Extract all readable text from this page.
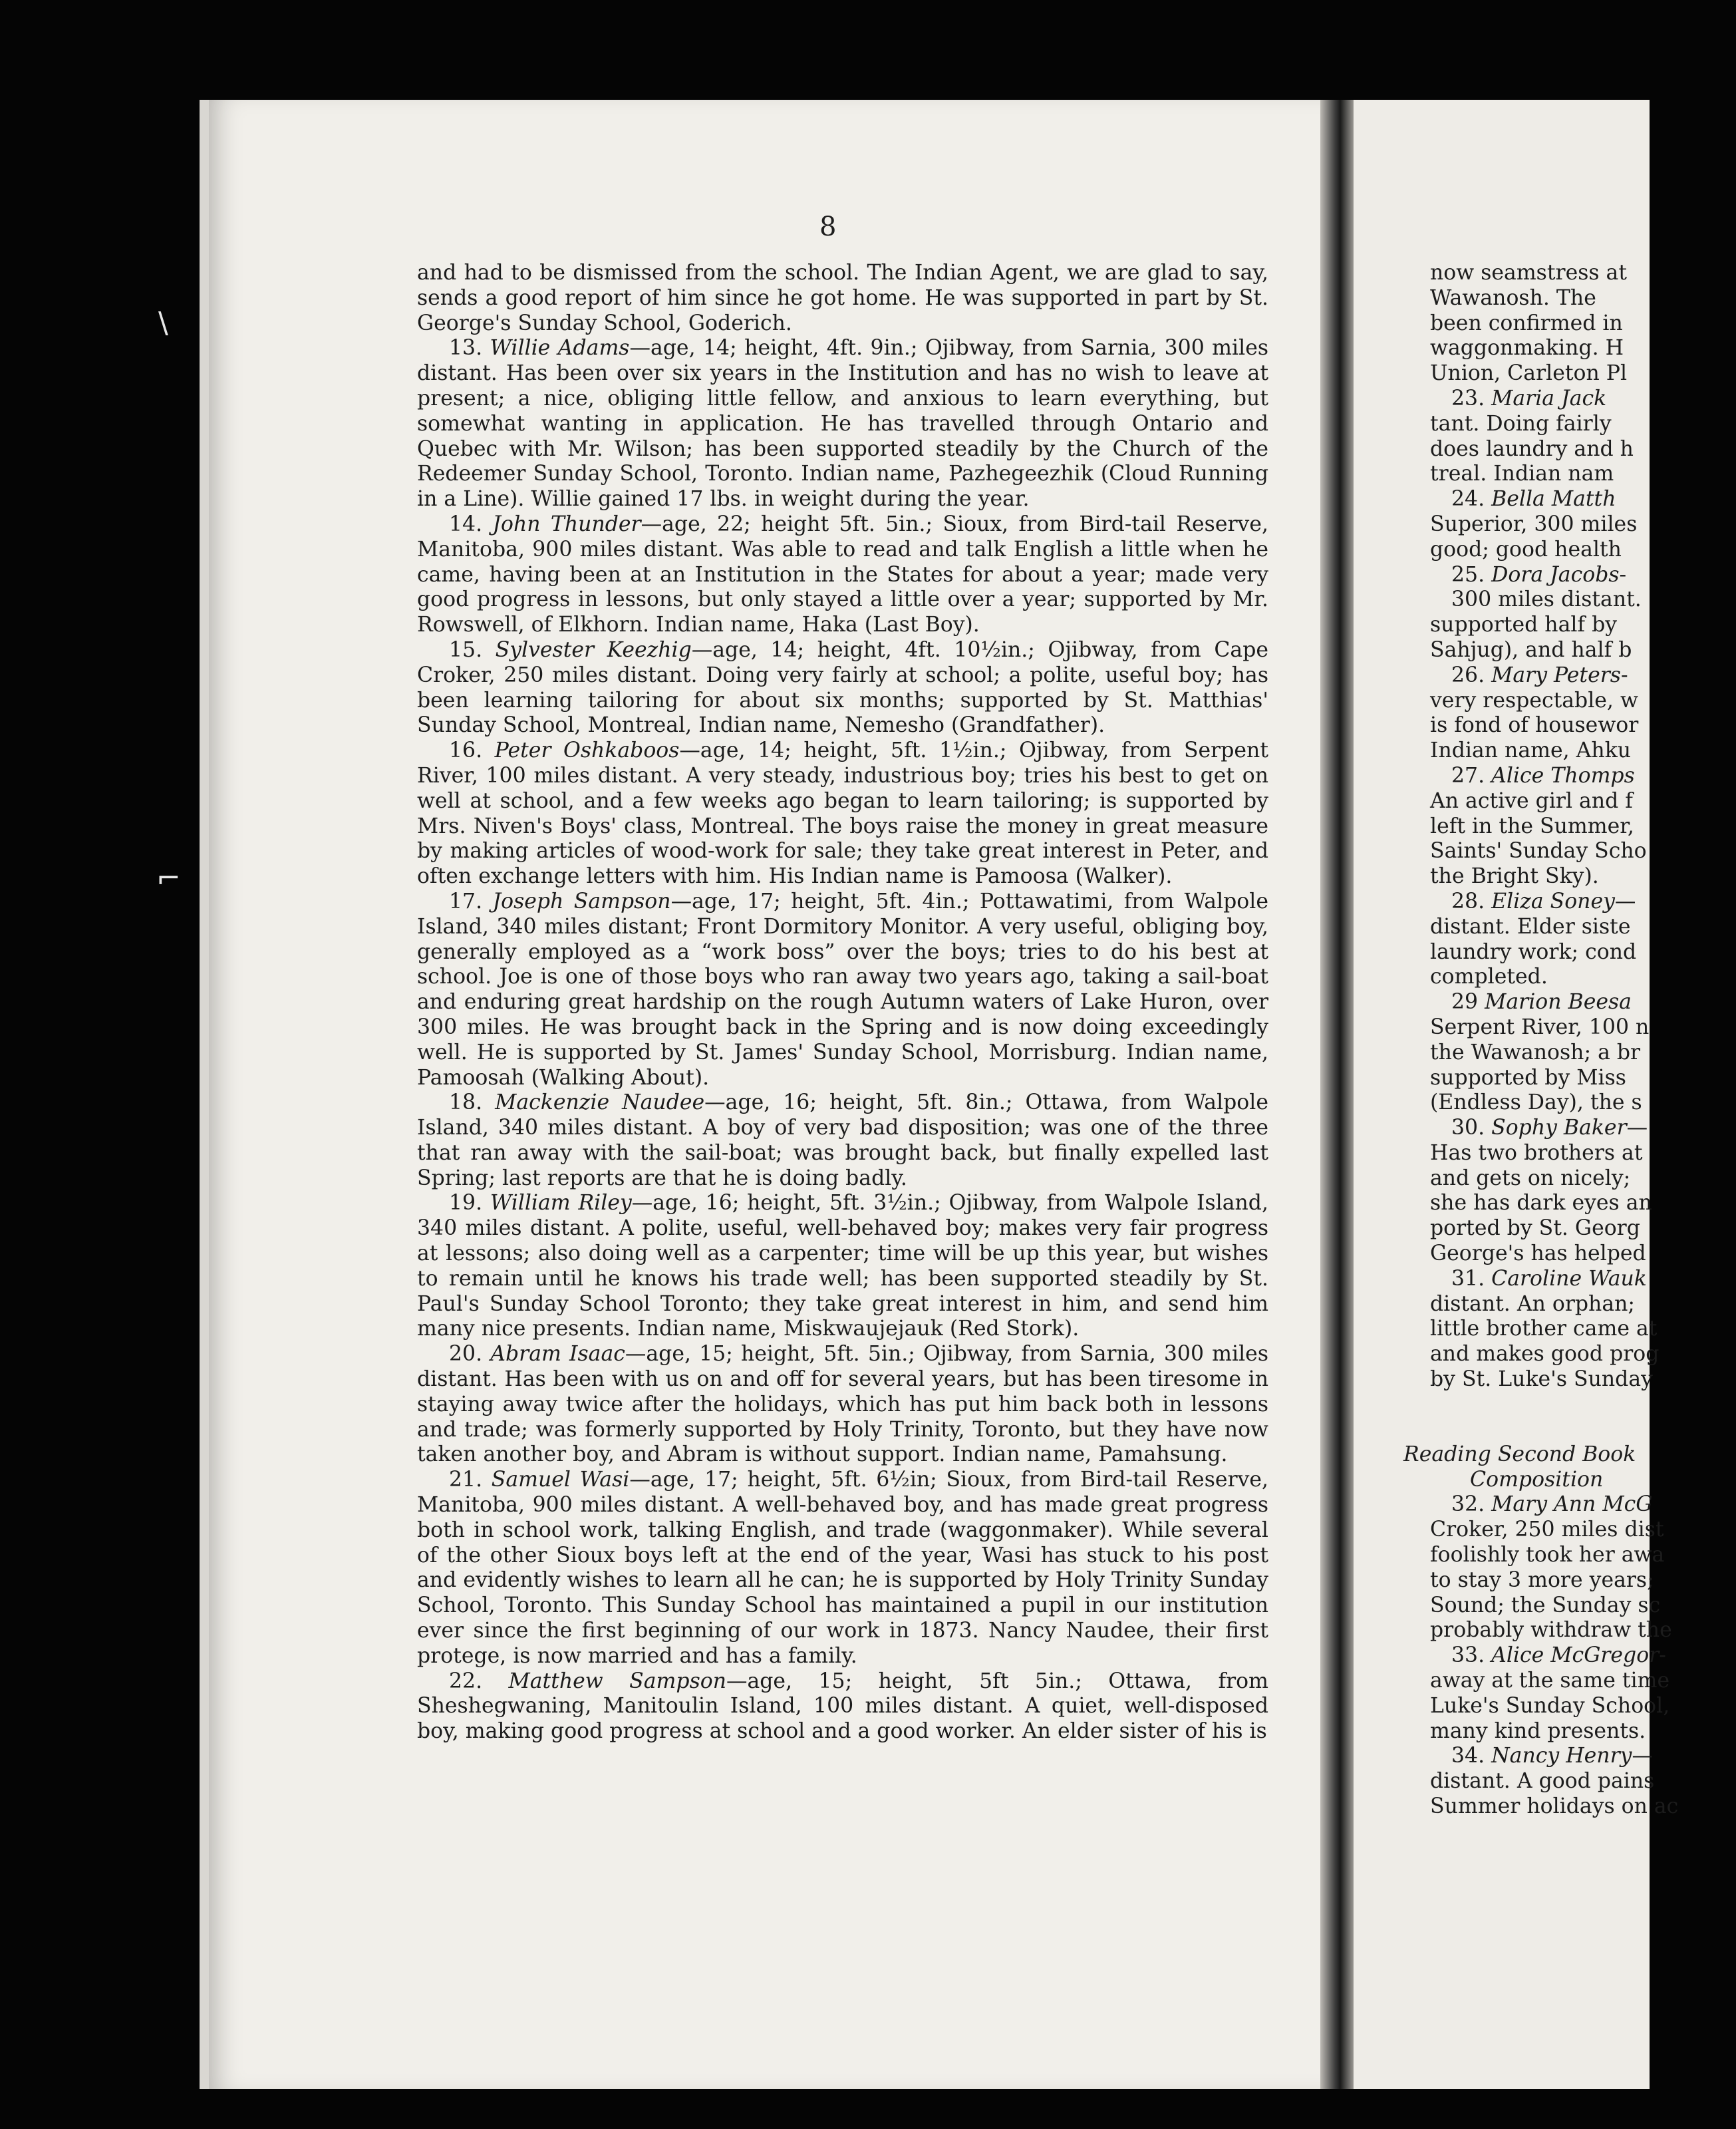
8

and had to be dismissed from the school. The Indian Agent, we are glad to say, sends a good report of him since he got home. He was supported in part by St. George's Sunday School, Goderich.

13. Willie Adams—age, 14; height, 4ft. 9in.; Ojibway, from Sarnia, 300 miles distant. Has been over six years in the Institution and has no wish to leave at present; a nice, obliging little fellow, and anxious to learn everything, but somewhat wanting in application. He has travelled through Ontario and Quebec with Mr. Wilson; has been supported steadily by the Church of the Redeemer Sunday School, Toronto. Indian name, Pazhegeezhik (Cloud Running in a Line). Willie gained 17 lbs. in weight during the year.

14. John Thunder—age, 22; height 5ft. 5in.; Sioux, from Bird-tail Reserve, Manitoba, 900 miles distant. Was able to read and talk English a little when he came, having been at an Institution in the States for about a year; made very good progress in lessons, but only stayed a little over a year; supported by Mr. Rowswell, of Elkhorn. Indian name, Haka (Last Boy).

15. Sylvester Keezhig—age, 14; height, 4ft. 10½in.; Ojibway, from Cape Croker, 250 miles distant. Doing very fairly at school; a polite, useful boy; has been learning tailoring for about six months; supported by St. Matthias' Sunday School, Montreal, Indian name, Nemesho (Grandfather).

16. Peter Oshkaboos—age, 14; height, 5ft. 1½in.; Ojibway, from Serpent River, 100 miles distant. A very steady, industrious boy; tries his best to get on well at school, and a few weeks ago began to learn tailoring; is supported by Mrs. Niven's Boys' class, Montreal. The boys raise the money in great measure by making articles of wood-work for sale; they take great interest in Peter, and often exchange letters with him. His Indian name is Pamoosa (Walker).

17. Joseph Sampson—age, 17; height, 5ft. 4in.; Pottawatimi, from Walpole Island, 340 miles distant; Front Dormitory Monitor. A very useful, obliging boy, generally employed as a “work boss” over the boys; tries to do his best at school. Joe is one of those boys who ran away two years ago, taking a sail-boat and enduring great hardship on the rough Autumn waters of Lake Huron, over 300 miles. He was brought back in the Spring and is now doing exceedingly well. He is supported by St. James' Sunday School, Morrisburg. Indian name, Pamoosah (Walking About).

18. Mackenzie Naudee—age, 16; height, 5ft. 8in.; Ottawa, from Walpole Island, 340 miles distant. A boy of very bad disposition; was one of the three that ran away with the sail-boat; was brought back, but finally expelled last Spring; last reports are that he is doing badly.

19. William Riley—age, 16; height, 5ft. 3½in.; Ojibway, from Walpole Island, 340 miles distant. A polite, useful, well-behaved boy; makes very fair progress at lessons; also doing well as a carpenter; time will be up this year, but wishes to remain until he knows his trade well; has been supported steadily by St. Paul's Sunday School Toronto; they take great interest in him, and send him many nice presents. Indian name, Miskwaujejauk (Red Stork).

20. Abram Isaac—age, 15; height, 5ft. 5in.; Ojibway, from Sarnia, 300 miles distant. Has been with us on and off for several years, but has been tiresome in staying away twice after the holidays, which has put him back both in lessons and trade; was formerly supported by Holy Trinity, Toronto, but they have now taken another boy, and Abram is without support. Indian name, Pamahsung.

21. Samuel Wasi—age, 17; height, 5ft. 6½in; Sioux, from Bird-tail Reserve, Manitoba, 900 miles distant. A well-behaved boy, and has made great progress both in school work, talking English, and trade (waggonmaker). While several of the other Sioux boys left at the end of the year, Wasi has stuck to his post and evidently wishes to learn all he can; he is supported by Holy Trinity Sunday School, Toronto. This Sunday School has maintained a pupil in our institution ever since the first beginning of our work in 1873. Nancy Naudee, their first protege, is now married and has a family.

22. Matthew Sampson—age, 15; height, 5ft 5in.; Ottawa, from Sheshegwaning, Manitoulin Island, 100 miles distant. A quiet, well-disposed boy, making good progress at school and a good worker. An elder sister of his is

now seamstress at
Wawanosh. The
been confirmed in
waggonmaking. H
Union, Carleton Pl
23. Maria Jack
tant. Doing fairly
does laundry and h
treal. Indian nam
24. Bella Matth
Superior, 300 miles
good; good health
25. Dora Jacobs-
300 miles distant.
supported half by
Sahjug), and half b
26. Mary Peters-
very respectable, w
is fond of housewor
Indian name, Ahku
27. Alice Thomps
An active girl and f
left in the Summer,
Saints' Sunday Scho
the Bright Sky).
28. Eliza Soney—
distant. Elder siste
laundry work; cond
completed.
29 Marion Beesa
Serpent River, 100 n
the Wawanosh; a br
supported by Miss
(Endless Day), the s
30. Sophy Baker—
Has two brothers at
and gets on nicely;
she has dark eyes an
ported by St. Georg
George's has helped
31. Caroline Wauk
distant. An orphan;
little brother came at
and makes good prog
by St. Luke's Sunday
Reading Second Book
Composition
32. Mary Ann McG
Croker, 250 miles dist
foolishly took her awa
to stay 3 more years;
Sound; the Sunday sc
probably withdraw the
33. Alice McGregor-
away at the same time
Luke's Sunday School,
many kind presents.
34. Nancy Henry—
distant. A good pains
Summer holidays on ac
\
⌐
